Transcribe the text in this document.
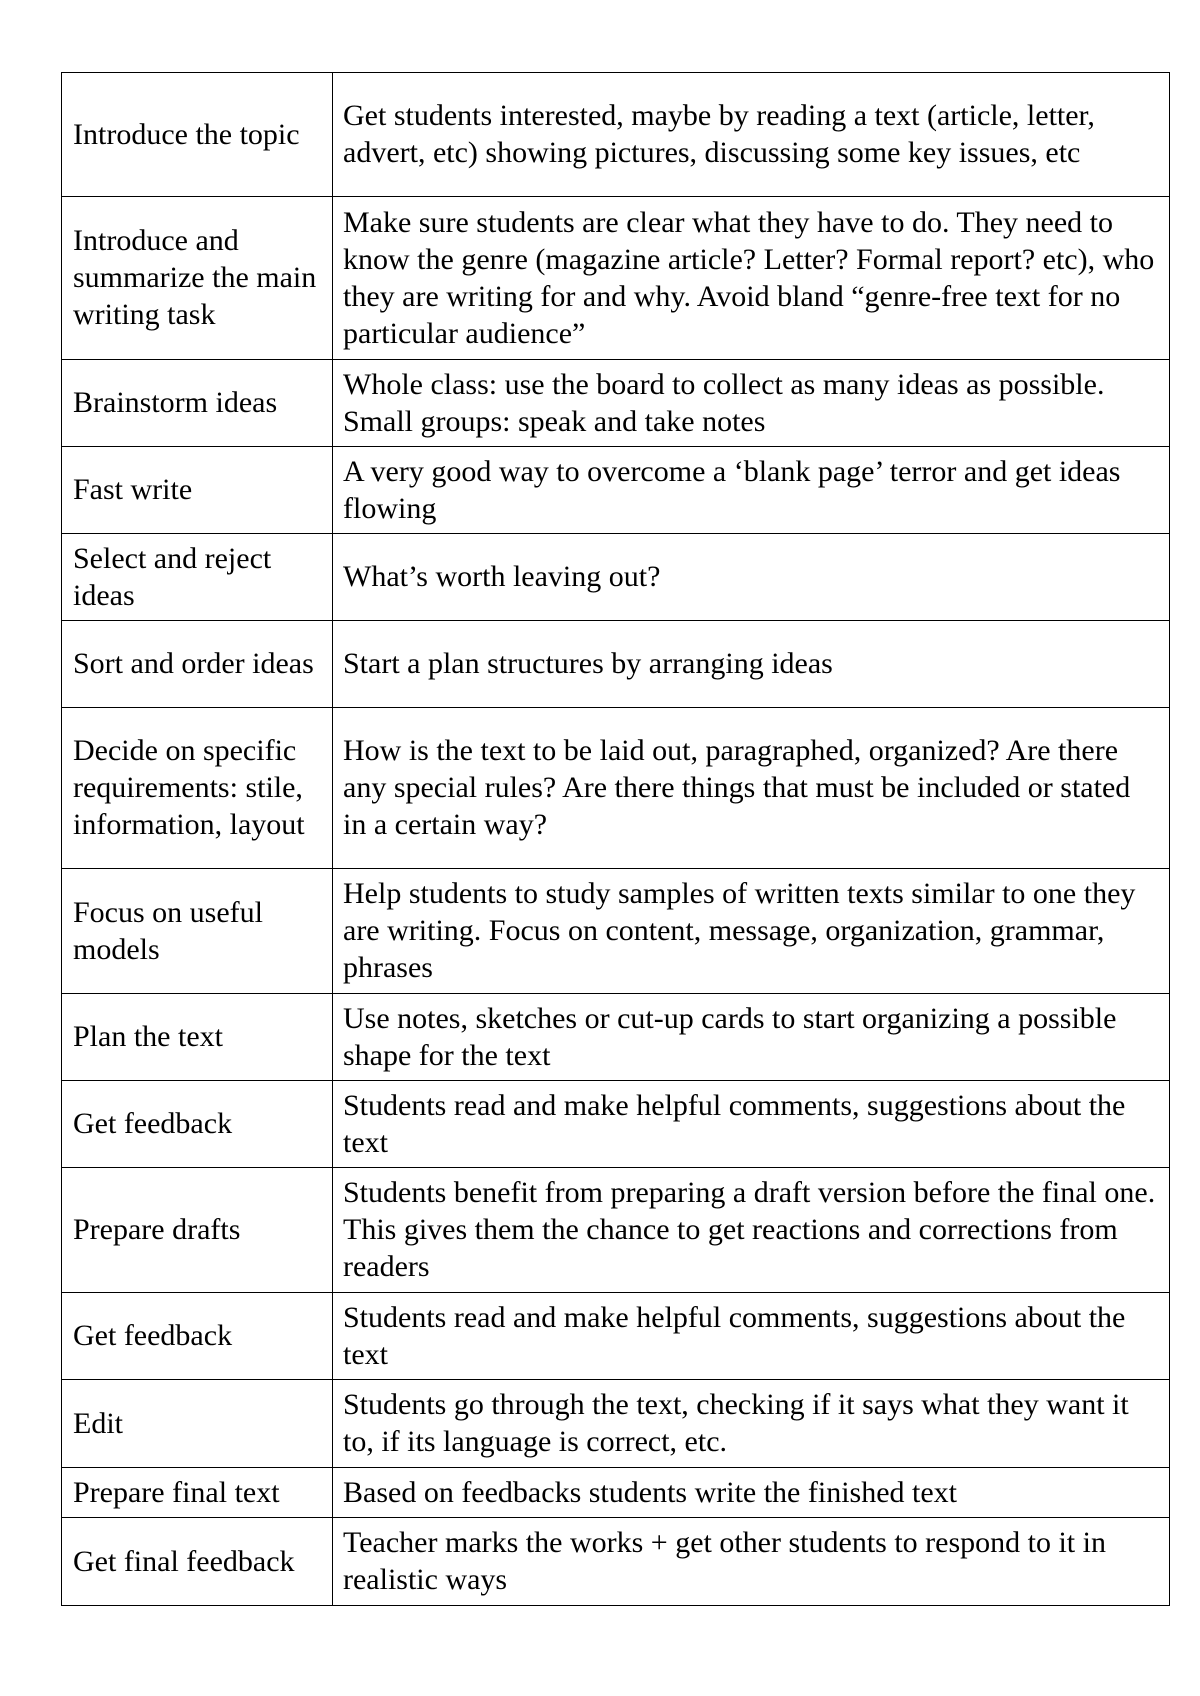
Introduce the topic	Get students interested, maybe by reading a text (article, letter, advert, etc) showing pictures, discussing some key issues, etc
Introduce and summarize the main writing task	Make sure students are clear what they have to do. They need to know the genre (magazine article? Letter? Formal report? etc), who they are writing for and why. Avoid bland “genre-free text for no particular audience”
Brainstorm ideas	Whole class: use the board to collect as many ideas as possible. Small groups: speak and take notes
Fast write	A very good way to overcome a ‘blank page’ terror and get ideas flowing
Select and reject ideas	What’s worth leaving out?
Sort and order ideas	Start a plan structures by arranging ideas
Decide on specific requirements: stile, information, layout	How is the text to be laid out, paragraphed, organized? Are there any special rules? Are there things that must be included or stated in a certain way?
Focus on useful models	Help students to study samples of written texts similar to one they are writing. Focus on content, message, organization, grammar, phrases
Plan the text	Use notes, sketches or cut-up cards to start organizing a possible shape for the text
Get feedback	Students read and make helpful comments, suggestions about the text
Prepare drafts	Students benefit from preparing a draft version before the final one. This gives them the chance to get reactions and corrections from readers
Get feedback	Students read and make helpful comments, suggestions about the text
Edit	Students go through the text, checking if it says what they want it to, if its language is correct, etc.
Prepare final text	Based on feedbacks students write the finished text
Get final feedback	Teacher marks the works + get other students to respond to it in realistic ways
